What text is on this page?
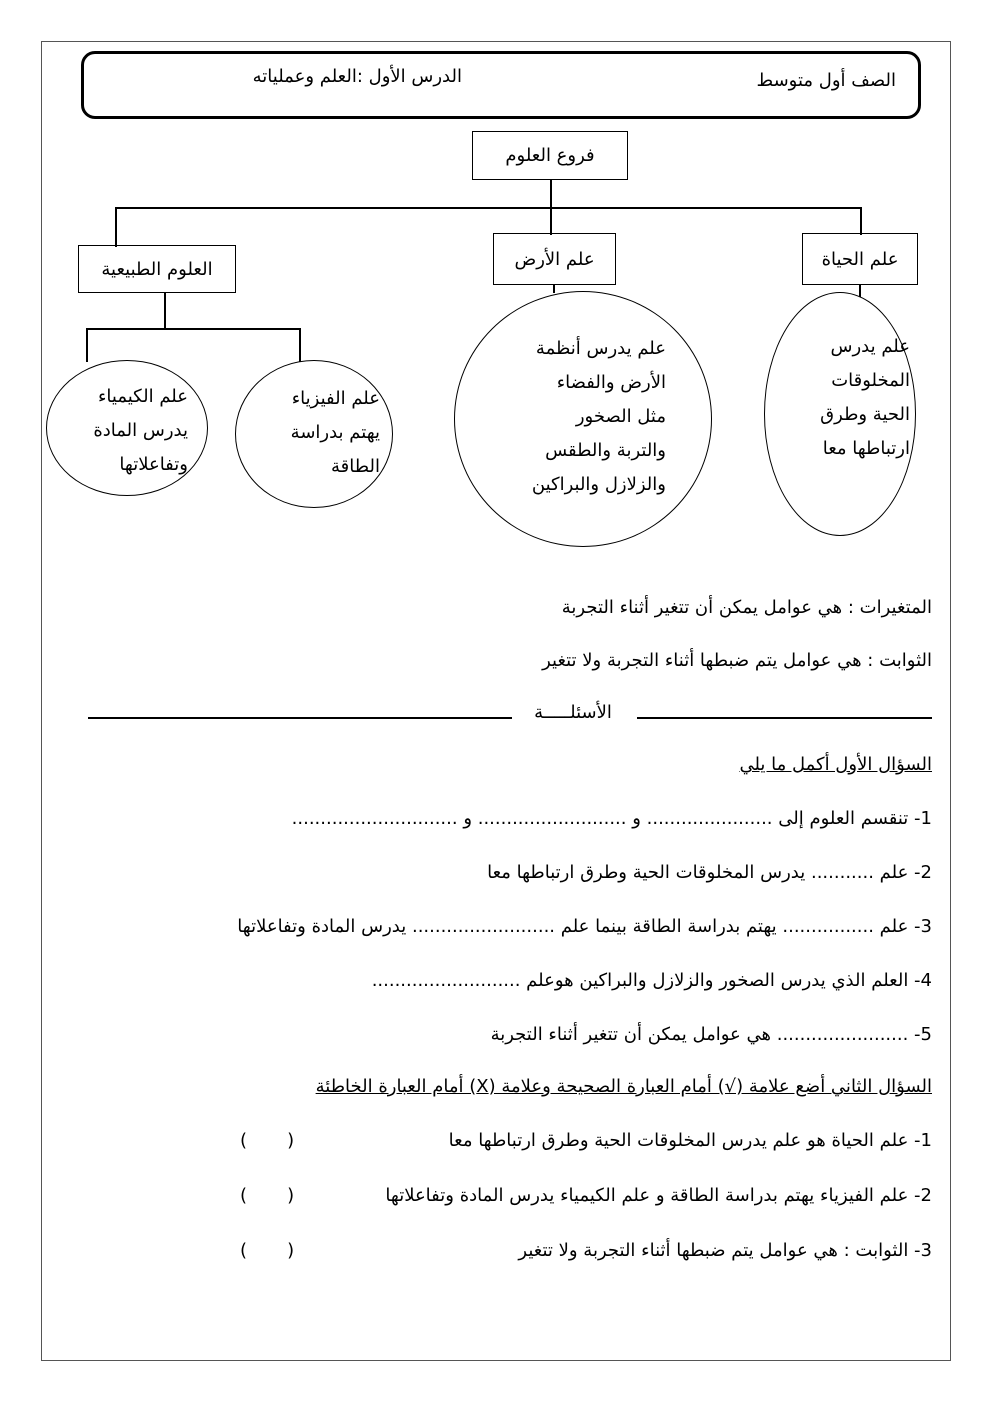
الصف أول متوسط
الدرس الأول :العلم وعملياته
فروع العلوم
علم الحياة
علم الأرض
العلوم الطبيعية
علم يدرس
المخلوقات
الحية وطرق
ارتباطها معا
علم يدرس أنظمة
الأرض والفضاء
مثل الصخور
والتربة والطقس
والزلازل والبراكين
علم الفيزياء
يهتم بدراسة
الطاقة
علم الكيمياء
يدرس المادة
وتفاعلاتها
المتغيرات : هي عوامل يمكن أن تتغير أثناء التجربة
الثوابت : هي عوامل يتم ضبطها أثناء التجربة ولا تتغير
الأسئلـــــة
السؤال الأول أكمل ما يلي
1- تنقسم العلوم إلى ...................... و .......................... و .............................
2- علم ........... يدرس المخلوقات الحية وطرق ارتباطها معا
3- علم ................ يهتم بدراسة الطاقة بينما علم ......................... يدرس المادة وتفاعلاتها
4- العلم الذي يدرس الصخور والزلازل والبراكين هوعلم ..........................
5- ....................... هي عوامل يمكن أن تتغير أثناء التجربة
السؤال الثاني أضع علامة (√) أمام العبارة الصحيحة وعلامة (X) أمام العبارة الخاطئة
1- علم الحياة هو علم يدرس المخلوقات الحية وطرق ارتباطها معا
(       )
2- علم الفيزياء يهتم بدراسة الطاقة و علم الكيمياء يدرس المادة وتفاعلاتها
(       )
3- الثوابت : هي عوامل يتم ضبطها أثناء التجربة ولا تتغير
(       )
